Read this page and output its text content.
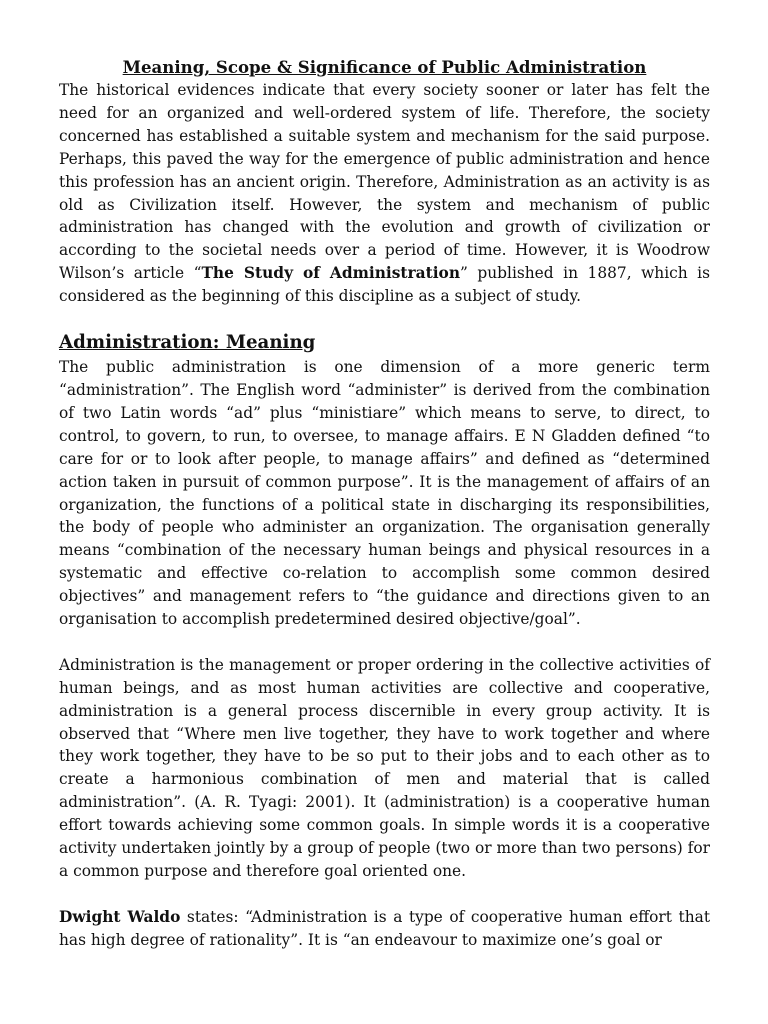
Meaning, Scope & Significance of Public Administration

The historical evidences indicate that every society sooner or later has felt the need for an organized and well-ordered system of life. Therefore, the society concerned has established a suitable system and mechanism for the said purpose. Perhaps, this paved the way for the emergence of public administration and hence this profession has an ancient origin. Therefore, Administration as an activity is as old as Civilization itself. However, the system and mechanism of public administration has changed with the evolution and growth of civilization or according to the societal needs over a period of time. However, it is Woodrow Wilson’s article “The Study of Administration” published in 1887, which is considered as the beginning of this discipline as a subject of study.

Administration: Meaning

The public administration is one dimension of a more generic term “administration”. The English word “administer” is derived from the combination of two Latin words “ad” plus “ministiare” which means to serve, to direct, to control, to govern, to run, to oversee, to manage affairs. E N Gladden defined “to care for or to look after people, to manage affairs” and defined as “determined action taken in pursuit of common purpose”. It is the management of affairs of an organization, the functions of a political state in discharging its responsibilities, the body of people who administer an organization. The organisation generally means “combination of the necessary human beings and physical resources in a systematic and effective co-relation to accomplish some common desired objectives” and management refers to “the guidance and directions given to an organisation to accomplish predetermined desired objective/goal”.

Administration is the management or proper ordering in the collective activities of human beings, and as most human activities are collective and cooperative, administration is a general process discernible in every group activity. It is observed that “Where men live together, they have to work together and where they work together, they have to be so put to their jobs and to each other as to create a harmonious combination of men and material that is called administration”. (A. R. Tyagi: 2001). It (administration) is a cooperative human effort towards achieving some common goals. In simple words it is a cooperative activity undertaken jointly by a group of people (two or more than two persons) for a common purpose and therefore goal oriented one.

Dwight Waldo states: “Administration is a type of cooperative human effort that has high degree of rationality”. It is “an endeavour to maximize one’s goal or
